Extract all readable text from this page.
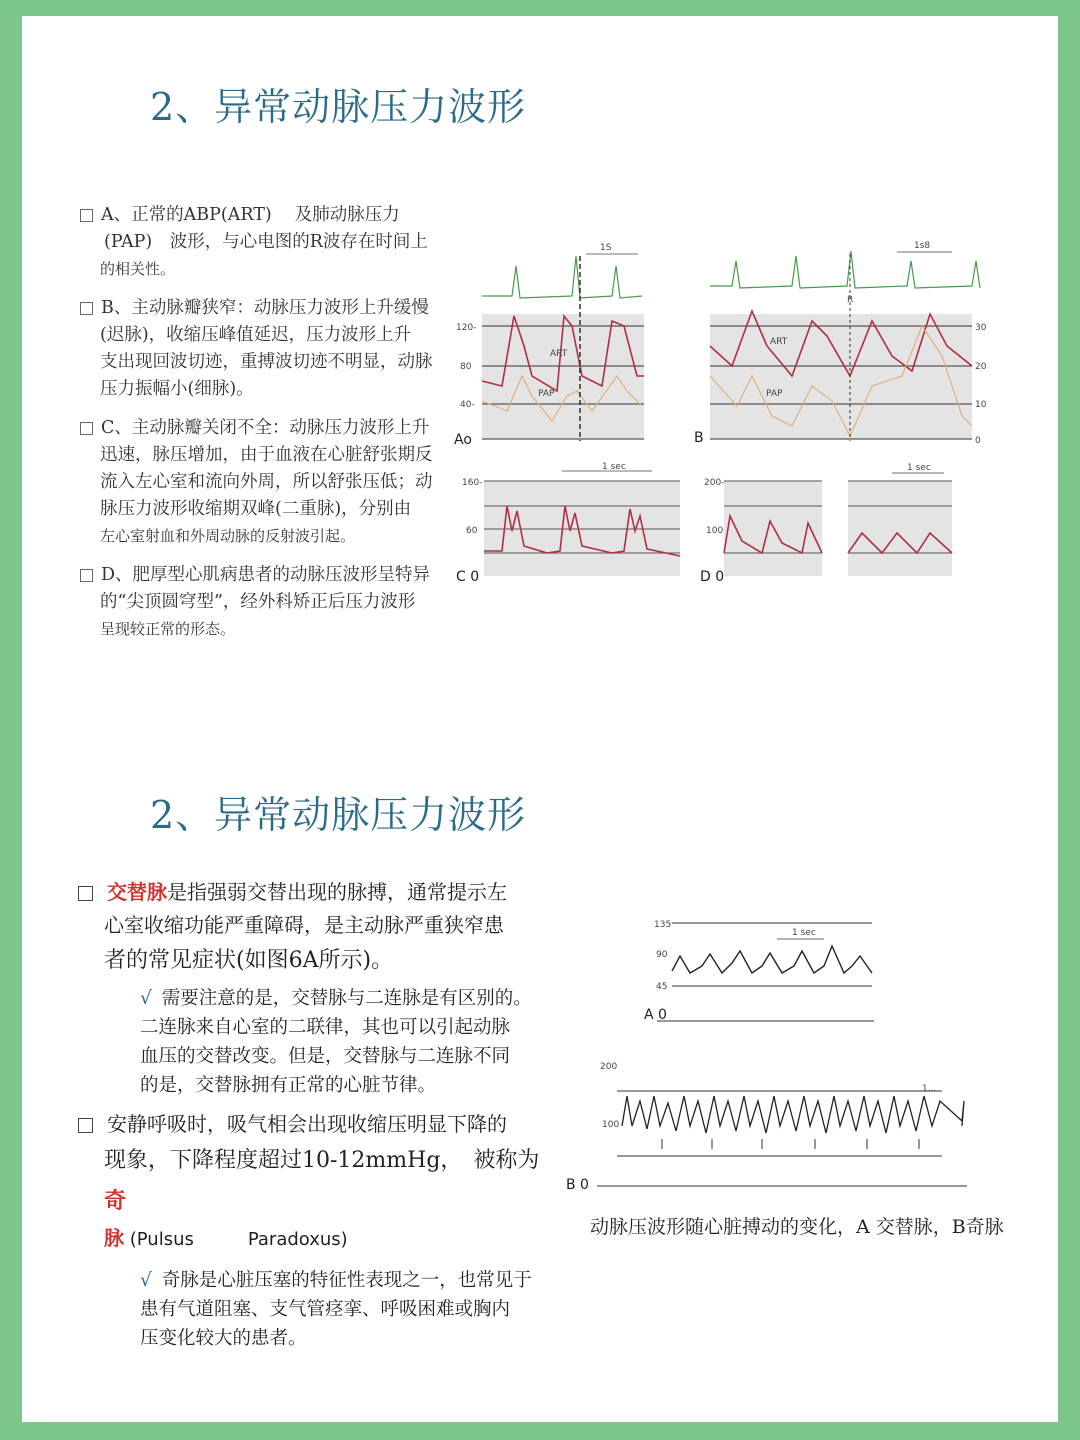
2、异常动脉压力波形
A、正常的ABP(ART)　 及肺动脉压力
(PAP)　波形，与心电图的R波存在时间上
的相关性。
B、主动脉瓣狭窄：动脉压力波形上升缓慢
(迟脉)，收缩压峰值延迟，压力波形上升
支出现回波切迹，重搏波切迹不明显，动脉
压力振幅小(细脉)。
C、主动脉瓣关闭不全：动脉压力波形上升
迅速，脉压增加，由于血液在心脏舒张期反
流入左心室和流向外周，所以舒张压低；动
脉压力波形收缩期双峰(二重脉)，分别由
左心室射血和外周动脉的反射波引起。
D、肥厚型心肌病患者的动脉压波形呈特异
的“尖顶圆穹型”，经外科矫正后压力波形
呈现较正常的形态。
1S
120-
80
40-
ART
PAP
Ao
1s8
R
ART
PAP
30
20
10
0
B
1 sec
160-
60
C 0
1 sec
200-
100
D 0
2、异常动脉压力波形
交替脉是指强弱交替出现的脉搏，通常提示左
心室收缩功能严重障碍，是主动脉严重狭窄患
者的常见症状(如图6A所示)。
√ 需要注意的是，交替脉与二连脉是有区别的。
二连脉来自心室的二联律，其也可以引起动脉
血压的交替改变。但是，交替脉与二连脉不同
的是，交替脉拥有正常的心脏节律。
安静呼吸时，吸气相会出现收缩压明显下降的
现象，下降程度超过10-12mmHg，　被称为奇
脉 (Pulsus　　　Paradoxus)
√ 奇脉是心脏压塞的特征性表现之一，也常见于
患有气道阻塞、支气管痉挛、呼吸困难或胸内
压变化较大的患者。
1 sec
135
90
45
A 0
1...
200
100
B 0
动脉压波形随心脏搏动的变化，A 交替脉，B奇脉
